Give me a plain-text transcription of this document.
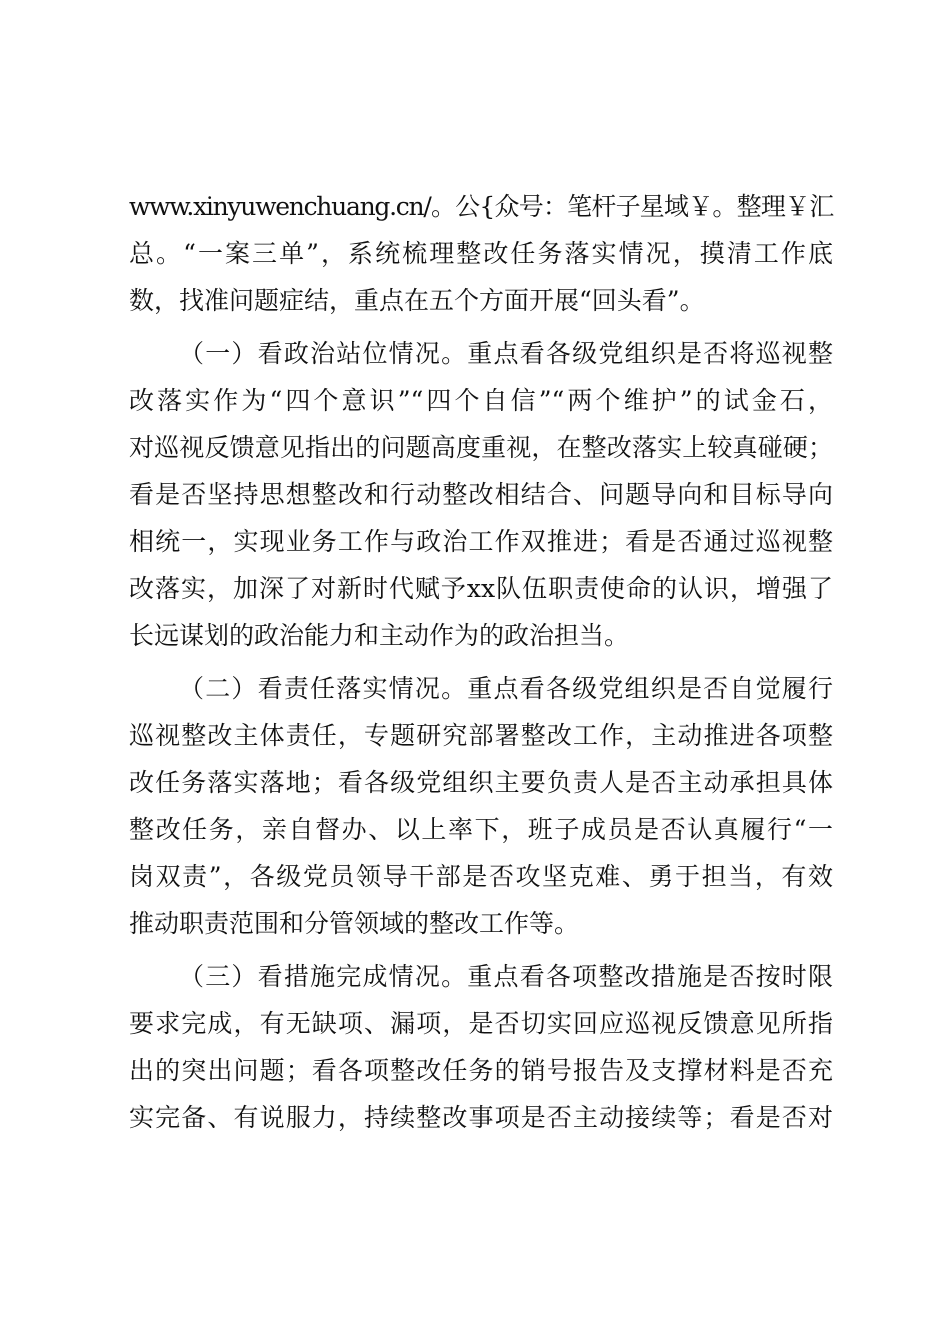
www.xinyuwenchuang.cn/。公{众号：笔杆子星域￥。整理￥汇
总。“一案三单”，系统梳理整改任务落实情况，摸清工作底
数，找准问题症结，重点在五个方面开展“回头看”。
（一）看政治站位情况。重点看各级党组织是否将巡视整
改落实作为“四个意识”“四个自信”“两个维护”的试金石，
对巡视反馈意见指出的问题高度重视，在整改落实上较真碰硬；
看是否坚持思想整改和行动整改相结合、问题导向和目标导向
相统一，实现业务工作与政治工作双推进；看是否通过巡视整
改落实，加深了对新时代赋予xx队伍职责使命的认识，增强了
长远谋划的政治能力和主动作为的政治担当。
（二）看责任落实情况。重点看各级党组织是否自觉履行
巡视整改主体责任，专题研究部署整改工作，主动推进各项整
改任务落实落地；看各级党组织主要负责人是否主动承担具体
整改任务，亲自督办、以上率下，班子成员是否认真履行“一
岗双责”，各级党员领导干部是否攻坚克难、勇于担当，有效
推动职责范围和分管领域的整改工作等。
（三）看措施完成情况。重点看各项整改措施是否按时限
要求完成，有无缺项、漏项，是否切实回应巡视反馈意见所指
出的突出问题；看各项整改任务的销号报告及支撑材料是否充
实完备、有说服力，持续整改事项是否主动接续等；看是否对
